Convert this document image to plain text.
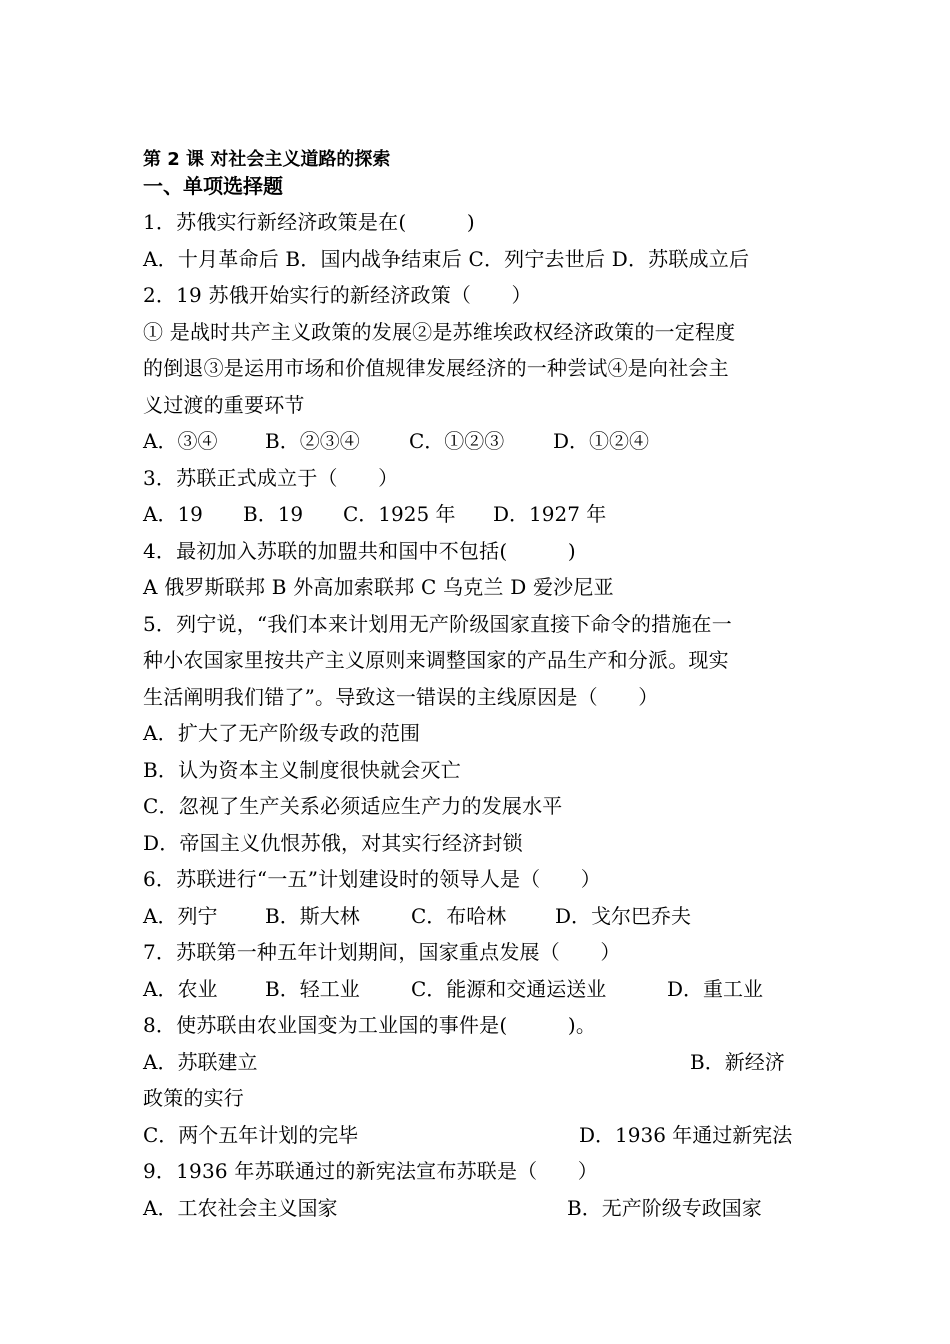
第 2 课 对社会主义道路的探索
一、单项选择题
1．苏俄实行新经济政策是在(　　　)
A．十月革命后 B．国内战争结束后 C．列宁去世后 D．苏联成立后
2．19 苏俄开始实行的新经济政策（　　）
① 是战时共产主义政策的发展②是苏维埃政权经济政策的一定程度
的倒退③是运用市场和价值规律发展经济的一种尝试④是向社会主
义过渡的重要环节
A．③④ B．②③④ C．①②③ D．①②④
3．苏联正式成立于（　　）
A．19 B．19 C．1925 年 D．1927 年
4．最初加入苏联的加盟共和国中不包括(　　　)
A 俄罗斯联邦 B 外高加索联邦 C 乌克兰 D 爱沙尼亚
5．列宁说，“我们本来计划用无产阶级国家直接下命令的措施在一
种小农国家里按共产主义原则来调整国家的产品生产和分派。现实
生活阐明我们错了”。导致这一错误的主线原因是（　　）
A．扩大了无产阶级专政的范围
B．认为资本主义制度很快就会灭亡
C．忽视了生产关系必须适应生产力的发展水平
D．帝国主义仇恨苏俄，对其实行经济封锁
6．苏联进行“一五”计划建设时的领导人是（　　）
A．列宁 B．斯大林	C．布哈林 D．戈尔巴乔夫
7．苏联第一种五年计划期间，国家重点发展（　　）
A．农业 B．轻工业	C．能源和交通运送业	D．重工业
8．使苏联由农业国变为工业国的事件是(　　　)。
A．苏联建立	B．新经济
政策的实行
C．两个五年计划的完毕	D．1936 年通过新宪法
9．1936 年苏联通过的新宪法宣布苏联是（　　）
A．工农社会主义国家	B．无产阶级专政国家
